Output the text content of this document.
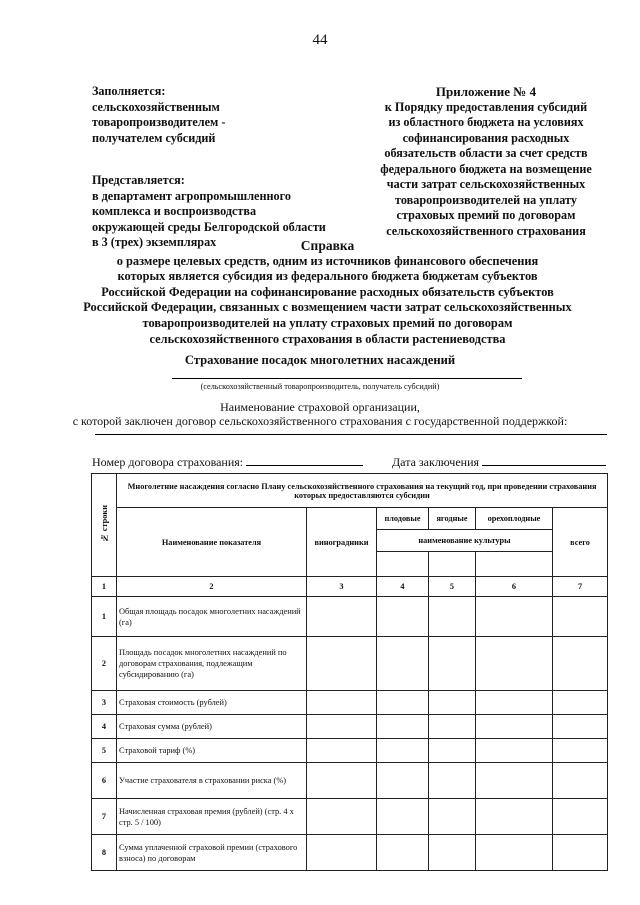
44
Заполняется:
сельскохозяйственным
товаропроизводителем -
получателем субсидий
Представляется:
в департамент агропромышленного
комплекса и воспроизводства
окружающей среды Белгородской области
в 3 (трех) экземплярах
Приложение № 4
к Порядку предоставления субсидий
из областного бюджета на условиях
софинансирования расходных
обязательств области за счет средств
федерального бюджета на возмещение
части затрат сельскохозяйственных
товаропроизводителей на уплату
страховых премий по договорам
сельскохозяйственного страхования
Справка
о размере целевых средств, одним из источников финансового обеспечения
которых является субсидия из федерального бюджета бюджетам субъектов
Российской Федерации на софинансирование расходных обязательств субъектов
Российской Федерации, связанных с возмещением части затрат сельскохозяйственных
товаропроизводителей на уплату страховых премий по договорам
сельскохозяйственного страхования в области растениеводства
Страхование посадок многолетних насаждений
(сельскохозяйственный товаропроизводитель, получатель субсидий)
Наименование страховой организации,
с которой заключен договор сельскохозяйственного страхования с государственной поддержкой:
Номер договора страхования:	Дата заключения
№ строки	Многолетние насаждения согласно Плану сельскохозяйственного страхования на текущий год, при проведении страхования которых предоставляются субсидии					
	Наименование показателя	виноградники	плодовые	ягодные	орехоплодные	всего
			наименование культуры			

1	2	3	4	5	6	7
1	Общая площадь посадок многолетних насаждений (га)					
2	Площадь посадок многолетних насаждений по договорам страхования, подлежащим субсидированию (га)					
3	Страховая стоимость (рублей)					
4	Страховая сумма (рублей)					
5	Страховой тариф (%)					
6	Участие страхователя в страховании риска (%)					
7	Начисленная страховая премия (рублей) (стр. 4 х стр. 5 / 100)					
8	Сумма уплаченной страховой премии (страхового взноса) по договорам					
